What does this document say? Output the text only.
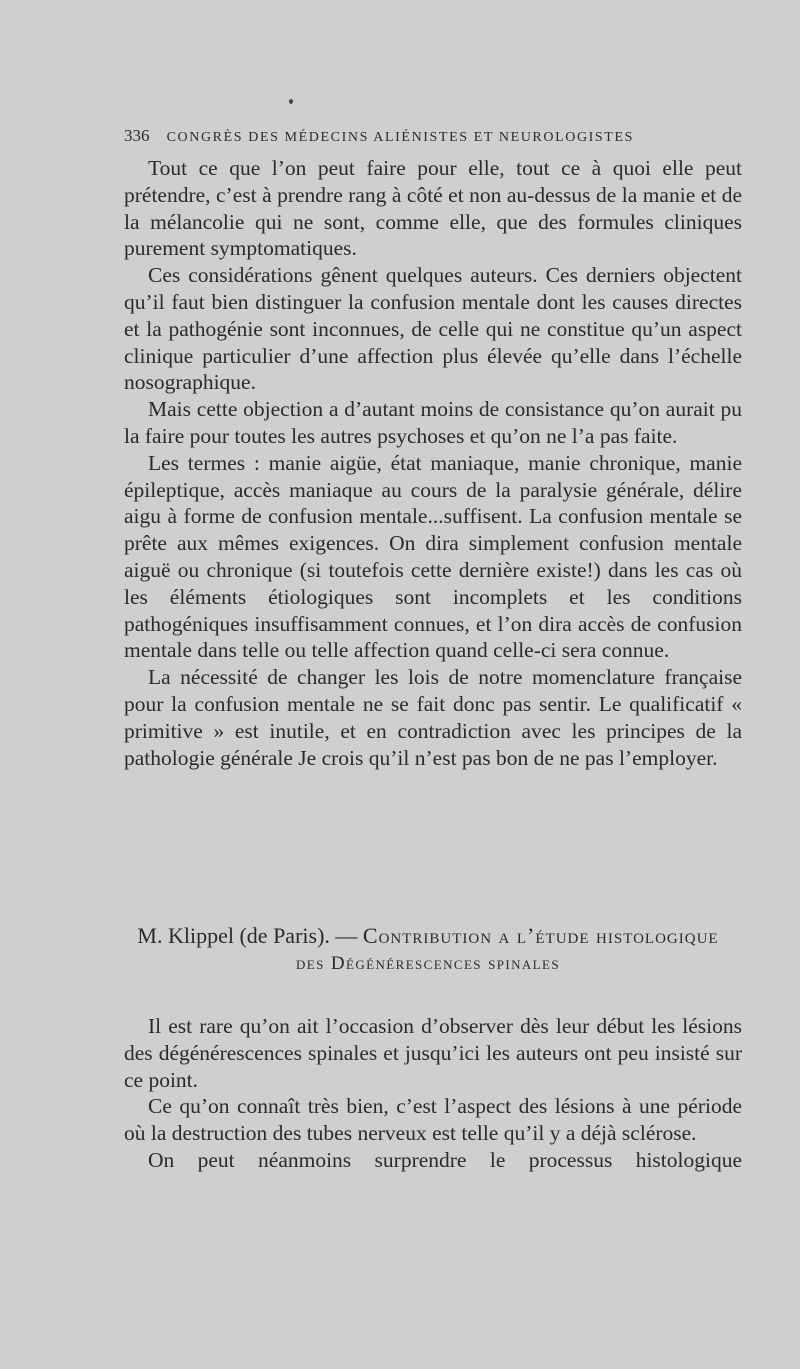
336 CONGRÈS DES MÉDECINS ALIÉNISTES ET NEUROLOGISTES

Tout ce que l’on peut faire pour elle, tout ce à quoi elle peut prétendre, c’est à prendre rang à côté et non au-dessus de la manie et de la mélancolie qui ne sont, comme elle, que des formules cliniques purement symptomatiques.

Ces considérations gênent quelques auteurs. Ces derniers objectent qu’il faut bien distinguer la confusion mentale dont les causes directes et la pathogénie sont inconnues, de celle qui ne constitue qu’un aspect clinique particulier d’une affection plus élevée qu’elle dans l’échelle nosographique.

Mais cette objection a d’autant moins de consistance qu’on aurait pu la faire pour toutes les autres psychoses et qu’on ne l’a pas faite.

Les termes : manie aigüe, état maniaque, manie chronique, manie épileptique, accès maniaque au cours de la paralysie générale, délire aigu à forme de confusion mentale...suffisent. La confusion mentale se prête aux mêmes exigences. On dira simplement confusion mentale aiguë ou chronique (si toutefois cette dernière existe!) dans les cas où les éléments étiologiques sont incomplets et les conditions pathogéniques insuffisamment connues, et l’on dira accès de confusion mentale dans telle ou telle affection quand celle-ci sera connue.

La nécessité de changer les lois de notre momenclature française pour la confusion mentale ne se fait donc pas sentir. Le qualificatif « primitive » est inutile, et en contradiction avec les principes de la pathologie générale Je crois qu’il n’est pas bon de ne pas l’employer.

M. Klippel (de Paris). — Contribution a l’étude histologique
des Dégénérescences spinales

Il est rare qu’on ait l’occasion d’observer dès leur début les lésions des dégénérescences spinales et jusqu’ici les auteurs ont peu insisté sur ce point.

Ce qu’on connaît très bien, c’est l’aspect des lésions à une période où la destruction des tubes nerveux est telle qu’il y a déjà sclérose.

On peut néanmoins surprendre le processus histologique
